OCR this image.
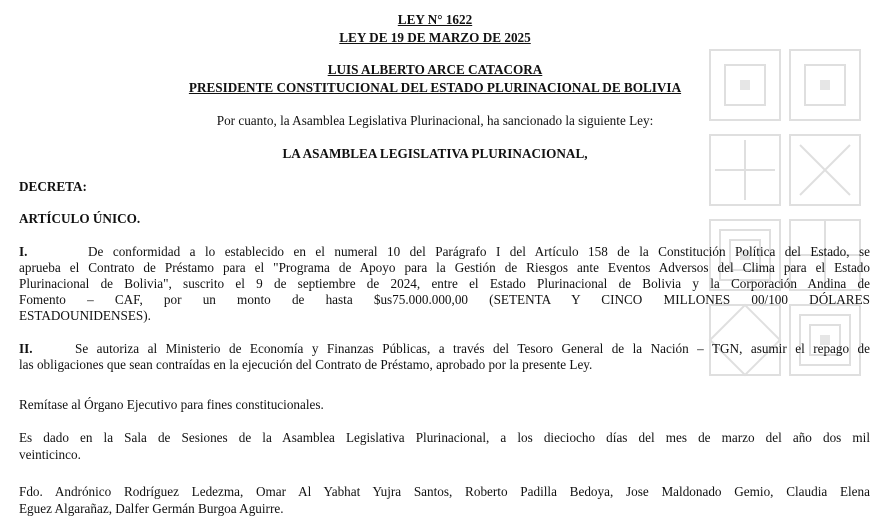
LEY N° 1622
LEY DE 19 DE MARZO DE 2025
LUIS ALBERTO ARCE CATACORA
PRESIDENTE CONSTITUCIONAL DEL ESTADO PLURINACIONAL DE BOLIVIA
Por cuanto, la Asamblea Legislativa Plurinacional, ha sancionado la siguiente Ley:
LA ASAMBLEA LEGISLATIVA PLURINACIONAL,
DECRETA:
ARTÍCULO ÚNICO.
I.	De conformidad a lo establecido en el numeral 10 del Parágrafo I del Artículo 158 de la Constitución Política del Estado, se
aprueba el Contrato de Préstamo para el "Programa de Apoyo para la Gestión de Riesgos ante Eventos Adversos del Clima para el Estado
Plurinacional de Bolivia", suscrito el 9 de septiembre de 2024, entre el Estado Plurinacional de Bolivia y la Corporación Andina de
Fomento – CAF, por un monto de hasta $us75.000.000,00 (SETENTA Y CINCO MILLONES 00/100 DÓLARES
ESTADOUNIDENSES).
II.	Se autoriza al Ministerio de Economía y Finanzas Públicas, a través del Tesoro General de la Nación – TGN, asumir el repago de
las obligaciones que sean contraídas en la ejecución del Contrato de Préstamo, aprobado por la presente Ley.
Remítase al Órgano Ejecutivo para fines constitucionales.
Es dado en la Sala de Sesiones de la Asamblea Legislativa Plurinacional, a los dieciocho días del mes de marzo del año dos mil
veinticinco.
Fdo. Andrónico Rodríguez Ledezma, Omar Al Yabhat Yujra Santos, Roberto Padilla Bedoya, Jose Maldonado Gemio, Claudia Elena
Eguez Algarañaz, Dalfer Germán Burgoa Aguirre.
